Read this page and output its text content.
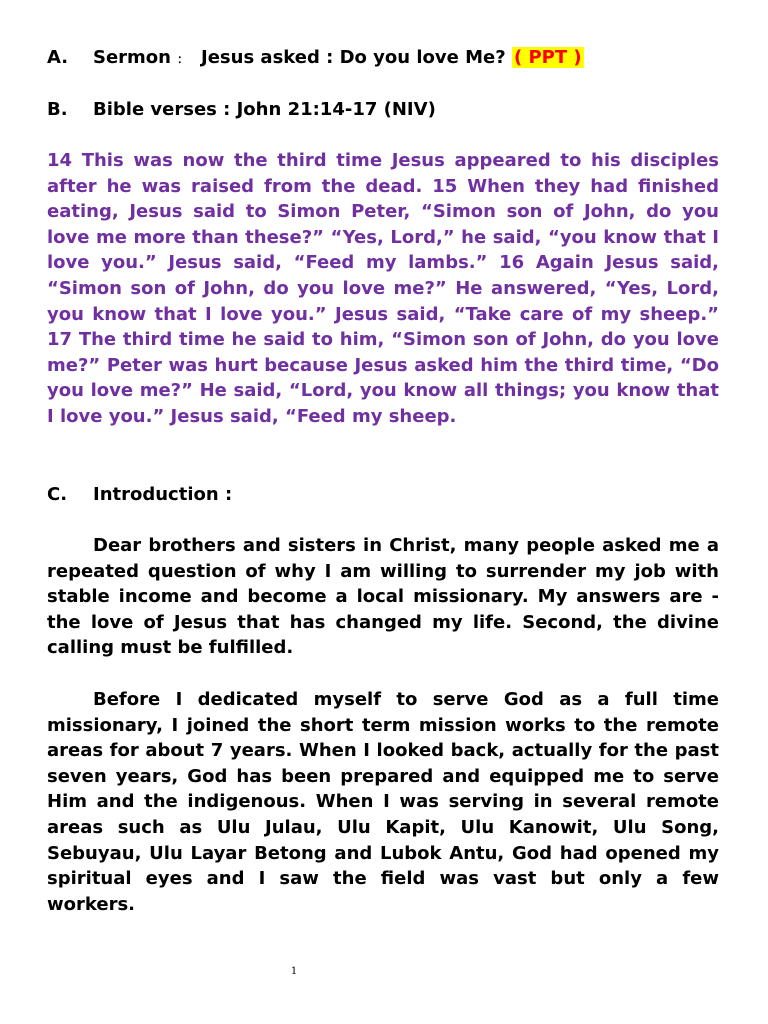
A. Sermon ： Jesus asked : Do you love Me? ( PPT )
B. Bible verses : John 21:14-17 (NIV)

14 This was now the third time Jesus appeared to his disciples after he was raised from the dead. 15 When they had finished eating, Jesus said to Simon Peter, “Simon son of John, do you love me more than these?” “Yes, Lord,” he said, “you know that I love you.” Jesus said, “Feed my lambs.” 16 Again Jesus said, “Simon son of John, do you love me?” He answered, “Yes, Lord, you know that I love you.” Jesus said, “Take care of my sheep.” 17 The third time he said to him, “Simon son of John, do you love me?” Peter was hurt because Jesus asked him the third time, “Do you love me?” He said, “Lord, you know all things; you know that I love you.” Jesus said, “Feed my sheep.

C. Introduction :

Dear brothers and sisters in Christ, many people asked me a repeated question of why I am willing to surrender my job with stable income and become a local missionary. My answers are - the love of Jesus that has changed my life. Second, the divine calling must be fulfilled.

Before I dedicated myself to serve God as a full time missionary, I joined the short term mission works to the remote areas for about 7 years. When I looked back, actually for the past seven years, God has been prepared and equipped me to serve Him and the indigenous. When I was serving in several remote areas such as Ulu Julau, Ulu Kapit, Ulu Kanowit, Ulu Song, Sebuyau, Ulu Layar Betong and Lubok Antu, God had opened my spiritual eyes and I saw the field was vast but only a few workers.

1
